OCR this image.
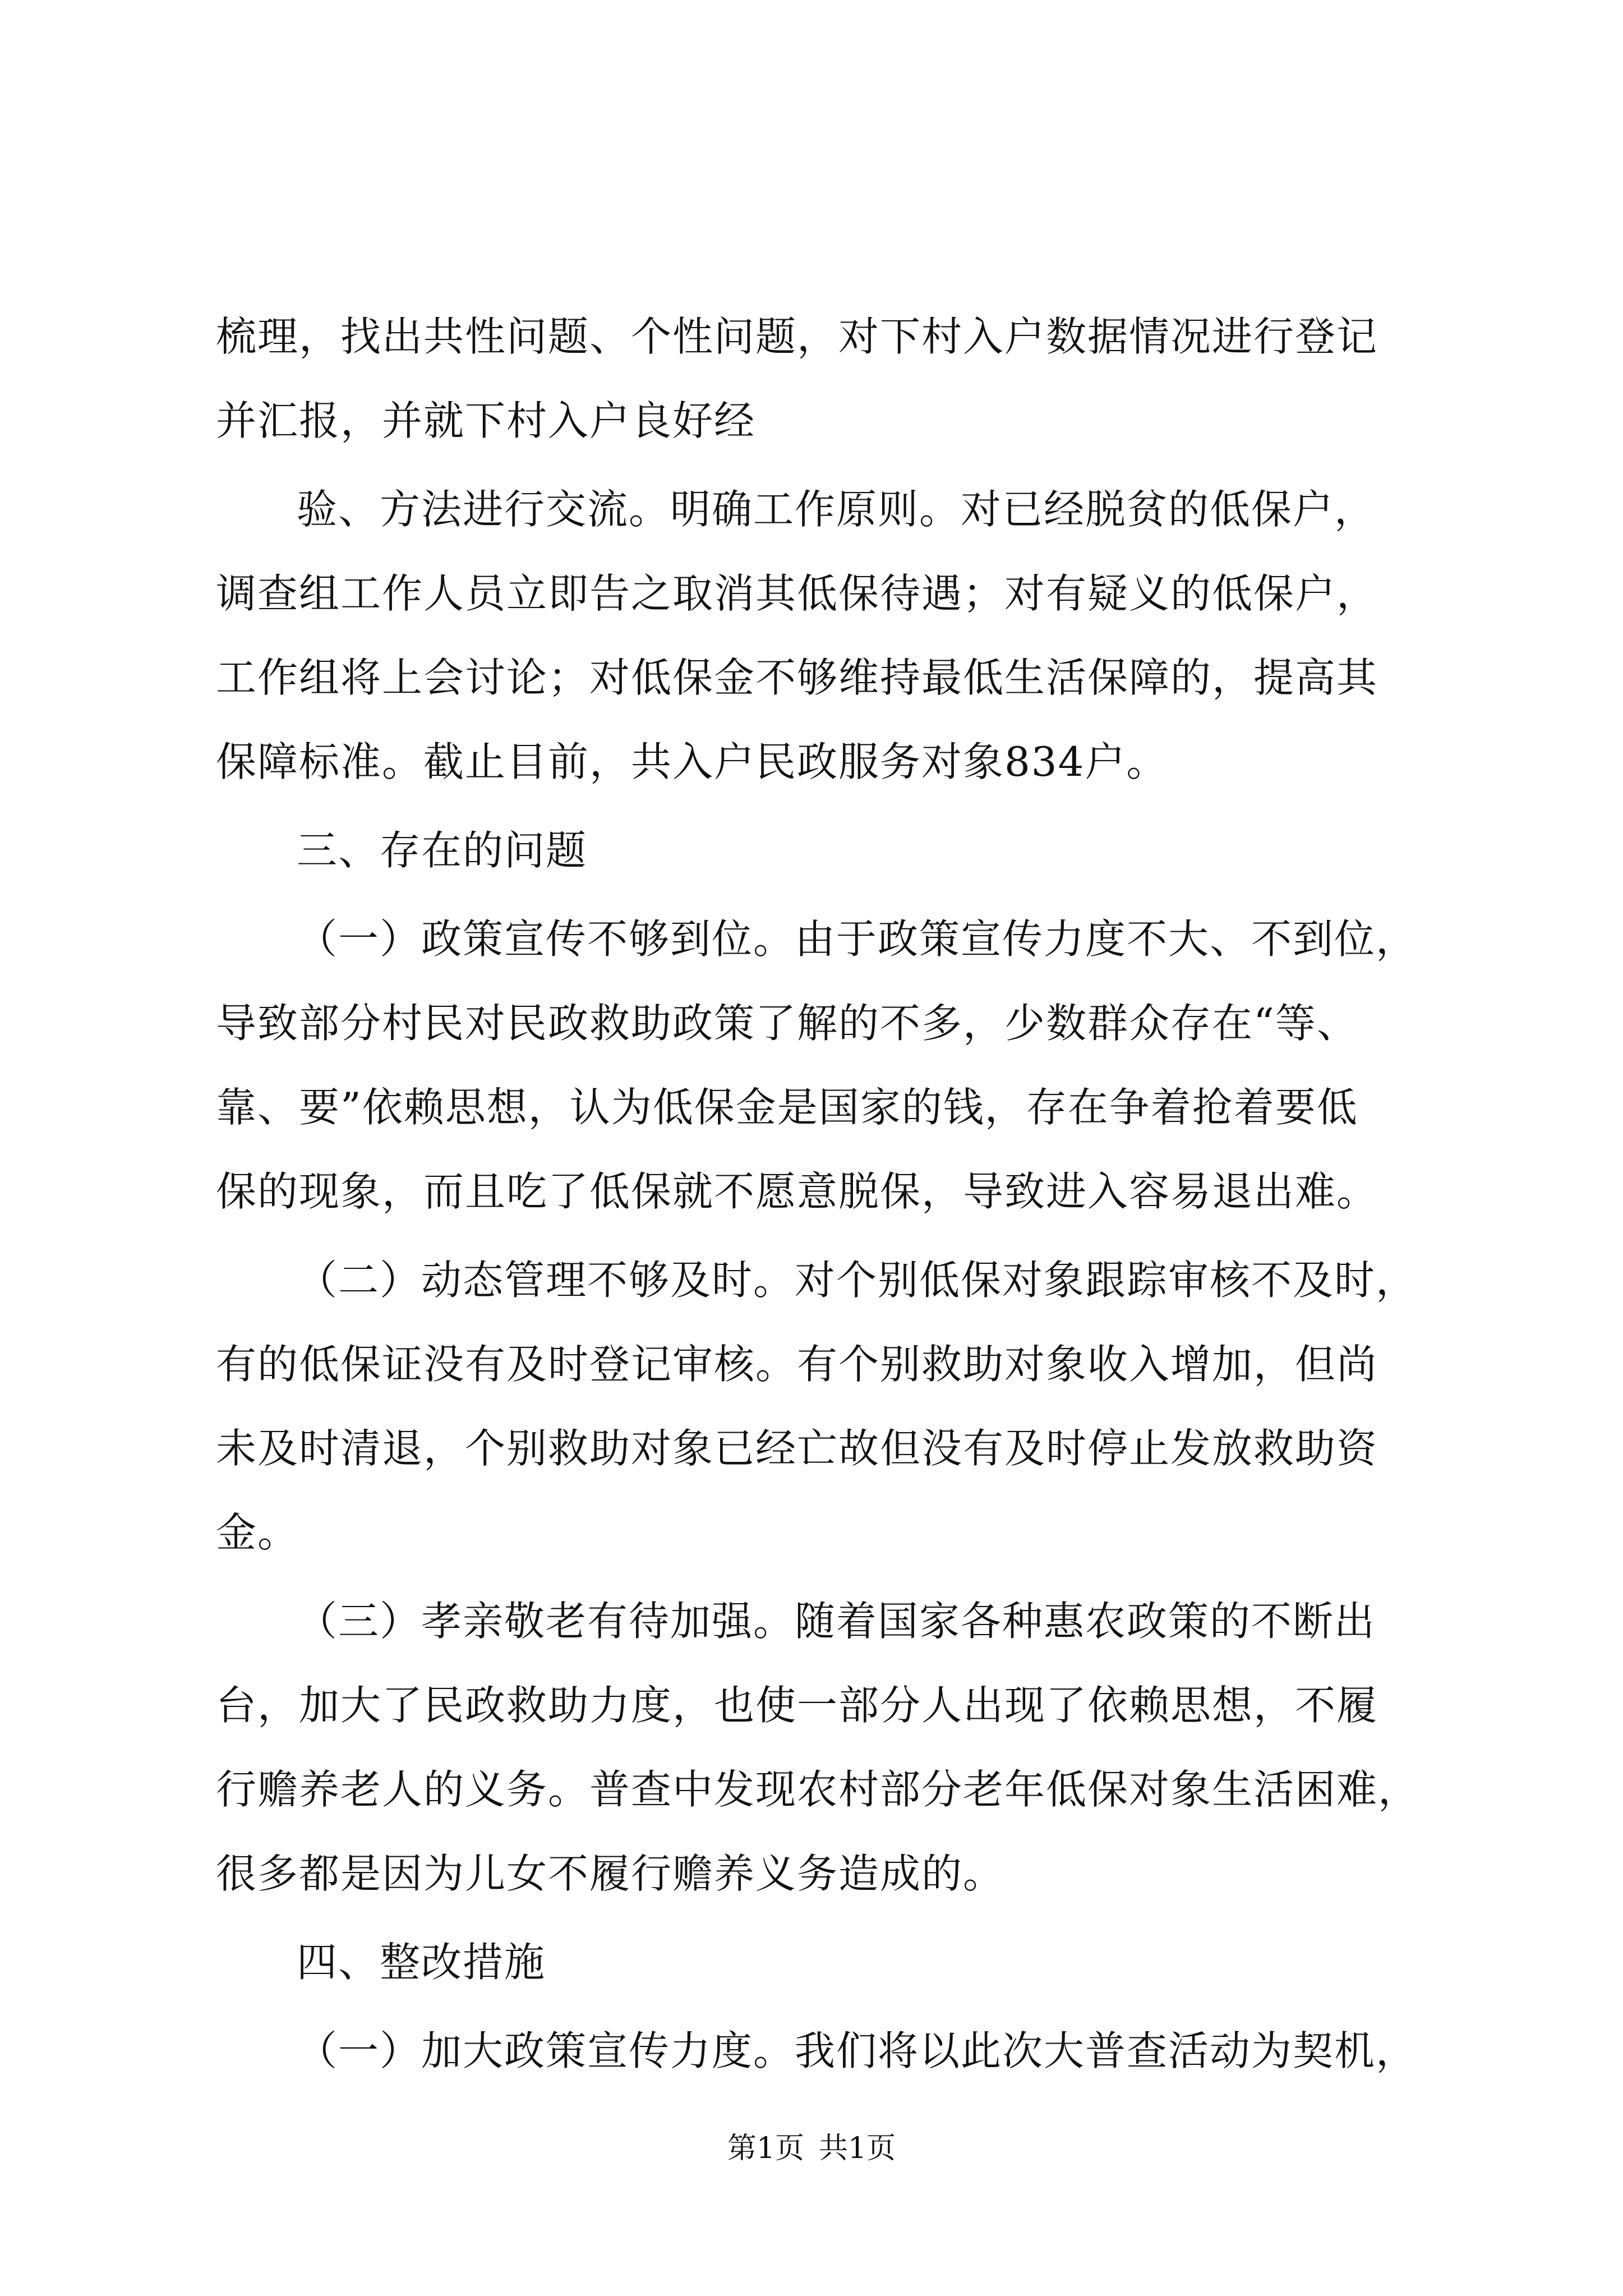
梳理，找出共性问题、个性问题，对下村入户数据情况进行登记
并汇报，并就下村入户良好经
验、方法进行交流。明确工作原则。对已经脱贫的低保户，
调查组工作人员立即告之取消其低保待遇；对有疑义的低保户，
工作组将上会讨论；对低保金不够维持最低生活保障的，提高其
保障标准。截止目前，共入户民政服务对象834户。
三、存在的问题
（一）政策宣传不够到位。由于政策宣传力度不大、不到位，
导致部分村民对民政救助政策了解的不多，少数群众存在“等、
靠、要”依赖思想，认为低保金是国家的钱，存在争着抢着要低
保的现象，而且吃了低保就不愿意脱保，导致进入容易退出难。
（二）动态管理不够及时。对个别低保对象跟踪审核不及时，
有的低保证没有及时登记审核。有个别救助对象收入增加，但尚
未及时清退，个别救助对象已经亡故但没有及时停止发放救助资
金。
（三）孝亲敬老有待加强。随着国家各种惠农政策的不断出
台，加大了民政救助力度，也使一部分人出现了依赖思想，不履
行赡养老人的义务。普查中发现农村部分老年低保对象生活困难，
很多都是因为儿女不履行赡养义务造成的。
四、整改措施
（一）加大政策宣传力度。我们将以此次大普查活动为契机，
第1页 共1页
